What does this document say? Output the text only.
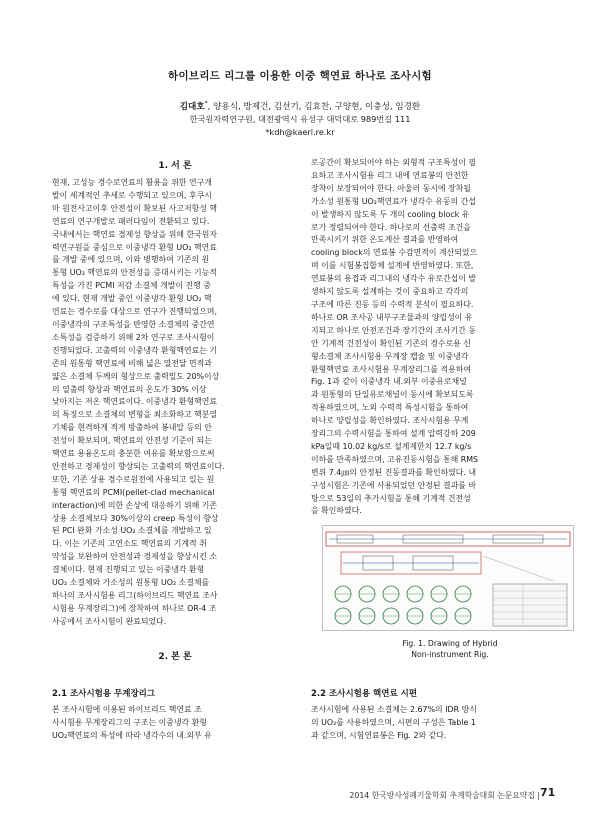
하이브리드 리그를 이용한 이중 핵연료 하나로 조사시험
김대호*, 양용식, 방제건, 김선기, 김효찬, 구양현, 이충성, 임경환
한국원자력연구원, 대전광역시 유성구 대덕대로 989번길 111
*kdh@kaeri.re.kr
1. 서 론
현재, 고성능 경수로연료의 활용을 위한 연구개
발이 세계적인 추세로 수행되고 있으며, 후쿠시
마 원전사고이후 안전성이 확보된 사고저항성 핵
연료의 연구개발로 패러다임이 전환되고 있다.
국내에서는 핵연료 경제성 향상을 위해 한국원자
력연구원을 중심으로 이중냉각 환형 UO₂ 핵연료
를 개발 중에 있으며, 이와 병행하여 기존의 원
통형 UO₂ 핵연료의 안전성을 증대시키는 기능적
특성을 가진 PCMI 저감 소결체 개발이 진행 중
에 있다. 현재 개발 중인 이중냉각 환형 UO₂ 핵
연료는 경수로를 대상으로 연구가 진행되었으며,
이중냉각의 구조특성을 반영한 소결체의 중간연
소특성을 검증하기 위해 2차 연구로 조사시험이
진행되었다. 고출력의 이중냉각 환형핵연료는 기
존의 원통형 핵연료에 비해 넓은 열전달 면적과
얇은 소결체 두께의 형상으로 출력밀도 20%이상
의 열출력 향상과 핵연료의 온도가 30% 이상
낮아지는 저온 핵연료이다. 이중냉각 환형핵연료
의 특징으로 소결체의 변형을 최소화하고 핵분열
기체를 현격하게 적게 방출하여 봉내압 등의 안
전성이 확보되며, 핵연료의 안전성 기준이 되는
핵연료 용융온도의 충분한 여유를 확보함으로써
안전하고 경제성이 향상되는 고출력의 핵연료이다.
또한, 기존 상용 경수로원전에 사용되고 있는 원
통형 핵연료의 PCMI(pellet-clad mechanical
interaction)에 의한 손상에 대응하기 위해 기존
상용 소결체보다 30%이상의 creep 특성이 향상
된 PCI 완화 가소성 UO₂ 소결체를 개발하고 있
다. 이는 기존의 고연소도 핵연료의 기계적 취
약성을 보완하여 안전성과 경제성을 향상시킨 소
결체이다. 현재 진행되고 있는 이중냉각 환형
UO₂ 소결체와 가소성의 원통형 UO₂ 소결체를
하나의 조사시험용 리그(하이브리드 핵연료 조사
시험용 무계장리그)에 장착하여 하나로 OR-4 조
사공에서 조사시험이 완료되었다.
2. 본 론
2.1 조사시험용 무계장리그
본 조사시험에 이용된 하이브리드 핵연료 조
사시험용 무계장리그의 구조는 이중냉각 환형
UO₂핵연료의 특성에 따라 냉각수의 내.외부 유
로공간이 확보되어야 하는 외형적 구조특성이 필
요하고 조사시험용 리그 내에 연료봉의 안전한
장착이 보장되어야 한다. 아울러 동시에 장착될
가소성 원통형 UO₂핵연료가 냉각수 유동의 간섭
이 발생하지 않도록 두 개의 cooling block 유
로가 정렬되어야 한다. 하나로의 선출력 조건을
만족시키기 위한 온도계산 결과를 반영하여
cooling block의 연료봉 수감면적이 계산되었으
며 이를 시험봉집합체 설계에 반영하였다. 또한,
연료봉의 용접과 리그내의 냉각수 유로간섭이 발
생하지 않도록 설계하는 것이 중요하고 각각의
구조에 따른 진동 등의 수력적 분석이 필요하다.
하나로 OR 조사공 내부구조물과의 양립성이 유
지되고 하나로 안전조건과 장기간의 조사기간 동
안 기계적 건전성이 확인된 기존의 경수로용 신
형소결체 조사시험용 무계장 캡슐 및 이중냉각
환형핵연료 조사시험용 무계장리그를 적용하여
Fig. 1과 같이 이중냉각 내.외부 이중유로채널
과 원통형의 단일유로채널이 동시에 확보되도록
적용하였으며, 노외 수력적 특성시험을 통하여
하나로 양립성을 확인하였다. 조사시험용 무계
장리그의 수력시험을 통하여 설계 압력강하 209
kPa일때 10.02 kg/s로 설계제한치 12.7 kg/s
이하를 만족하였으며, 고유진동시험을 통해 RMS
변위 7.4㎛의 안정된 진동결과를 확인하였다. 내
구성시험은 기존에 사용되었던 안정된 결과를 바
탕으로 53일의 추가시험을 통해 기계적 건전성
을 확인하였다.
Fig. 1. Drawing of Hybrid
Non-instrument Rig.
2.2 조사시험용 핵연료 시편
조사시험에 사용된 소결체는 2.67%의 IDR 방식
의 UO₂를 사용하였으며, 시편의 구성은 Table 1
과 같으며, 시험연료봉은 Fig. 2와 같다.
2014 한국방사성폐기물학회 추계학술대회 논문요약집 | 71
